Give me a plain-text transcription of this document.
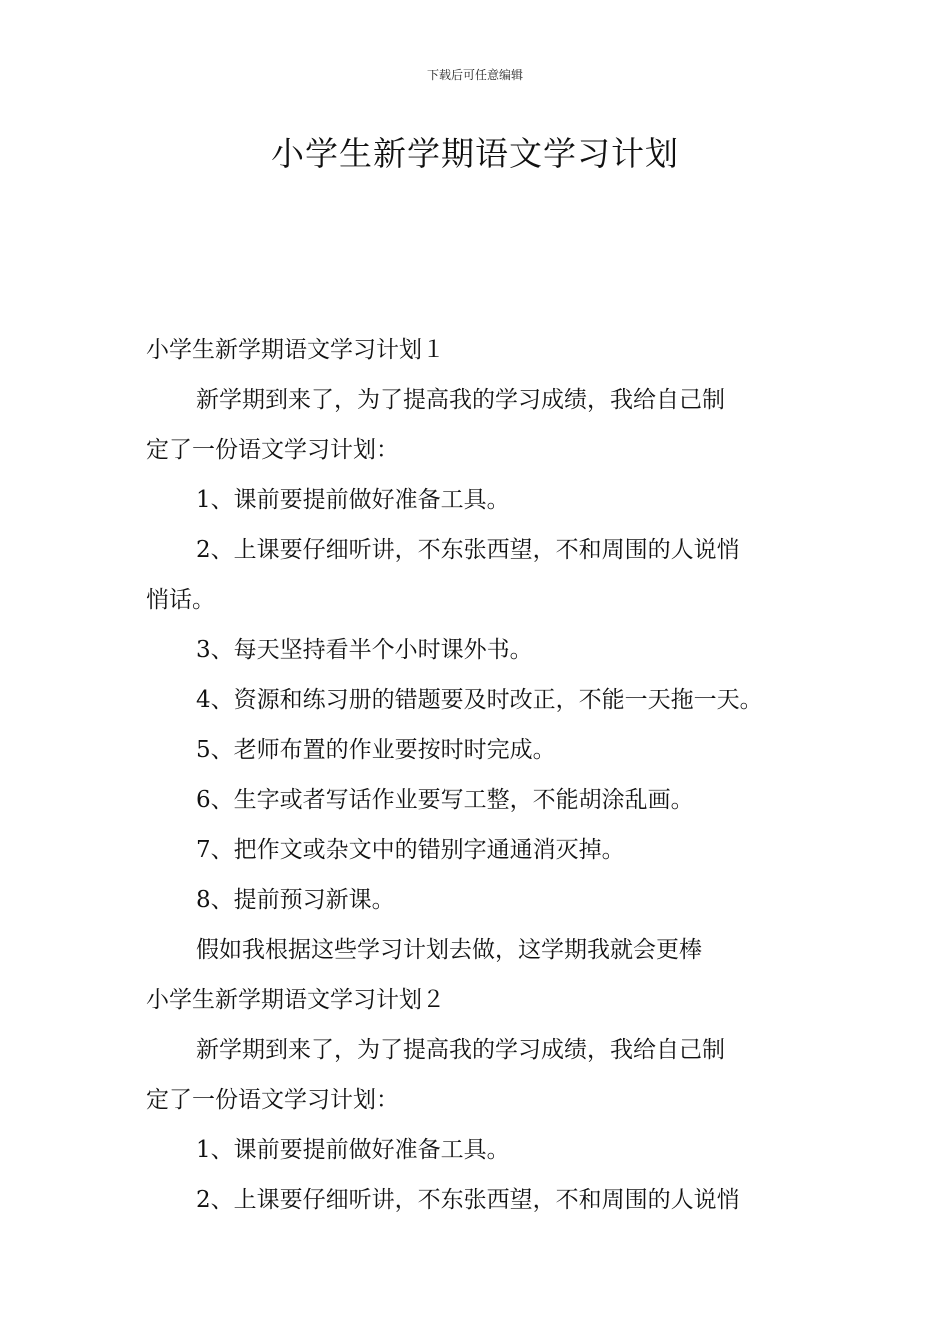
下载后可任意编辑
小学生新学期语文学习计划
小学生新学期语文学习计划１
新学期到来了，为了提高我的学习成绩，我给自己制
定了一份语文学习计划：
1、课前要提前做好准备工具。
2、上课要仔细听讲，不东张西望，不和周围的人说悄
悄话。
3、每天坚持看半个小时课外书。
4、资源和练习册的错题要及时改正，不能一天拖一天。
5、老师布置的作业要按时时完成。
6、生字或者写话作业要写工整，不能胡涂乱画。
7、把作文或杂文中的错别字通通消灭掉。
8、提前预习新课。
假如我根据这些学习计划去做，这学期我就会更棒
小学生新学期语文学习计划２
新学期到来了，为了提高我的学习成绩，我给自己制
定了一份语文学习计划：
1、课前要提前做好准备工具。
2、上课要仔细听讲，不东张西望，不和周围的人说悄
